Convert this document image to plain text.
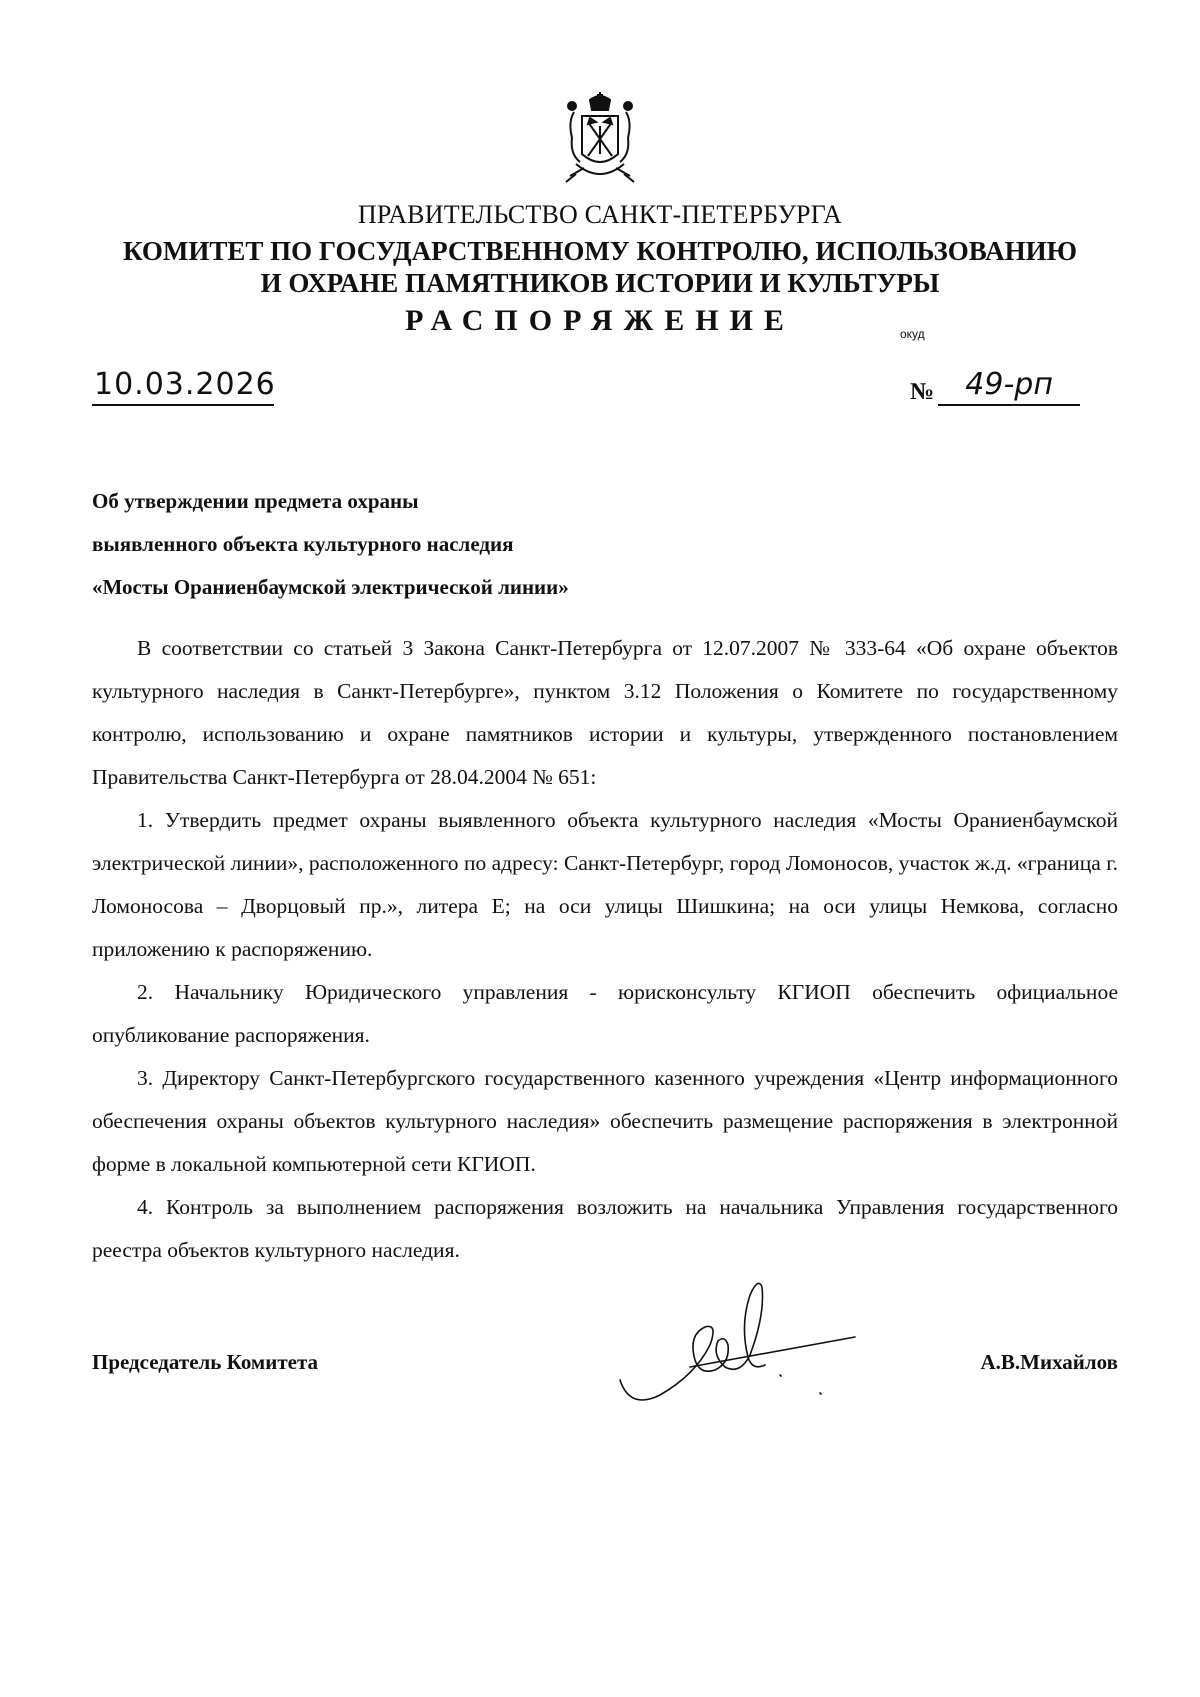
ПРАВИТЕЛЬСТВО САНКТ-ПЕТЕРБУРГА
КОМИТЕТ ПО ГОСУДАРСТВЕННОМУ КОНТРОЛЮ, ИСПОЛЬЗОВАНИЮ
И ОХРАНЕ ПАМЯТНИКОВ ИСТОРИИ И КУЛЬТУРЫ
РАСПОРЯЖЕНИЕ	окуд
10.03.2026	№ 49-рп
Об утверждении предмета охраны
выявленного объекта культурного наследия
«Мосты Ораниенбаумской электрической линии»

В соответствии со статьей 3 Закона Санкт-Петербурга от 12.07.2007 № 333-64 «Об охране объектов культурного наследия в Санкт-Петербурге», пунктом 3.12 Положения о Комитете по государственному контролю, использованию и охране памятников истории и культуры, утвержденного постановлением Правительства Санкт-Петербурга от 28.04.2004 № 651:

1. Утвердить предмет охраны выявленного объекта культурного наследия «Мосты Ораниенбаумской электрической линии», расположенного по адресу: Санкт-Петербург, город Ломоносов, участок ж.д. «граница г. Ломоносова – Дворцовый пр.», литера Е; на оси улицы Шишкина; на оси улицы Немкова, согласно приложению к распоряжению.

2. Начальнику Юридического управления - юрисконсульту КГИОП обеспечить официальное опубликование распоряжения.

3. Директору Санкт-Петербургского государственного казенного учреждения «Центр информационного обеспечения охраны объектов культурного наследия» обеспечить размещение распоряжения в электронной форме в локальной компьютерной сети КГИОП.

4. Контроль за выполнением распоряжения возложить на начальника Управления государственного реестра объектов культурного наследия.

Председатель Комитета	А.В.Михайлов
